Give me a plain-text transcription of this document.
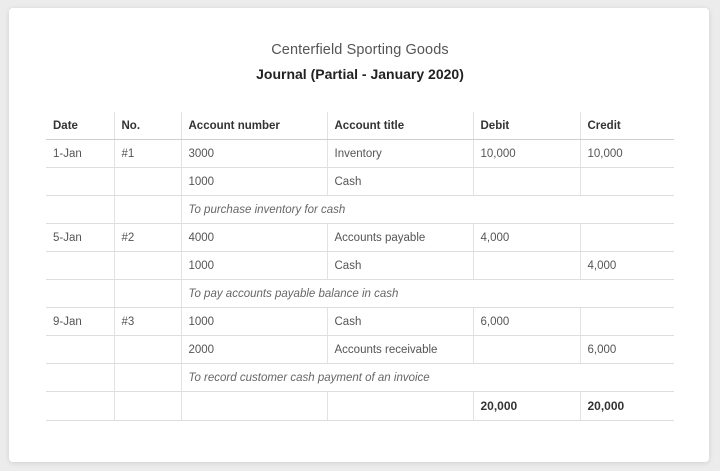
Centerfield Sporting Goods
Journal (Partial - January 2020)
Date	No.	Account number	Account title	Debit	Credit
1-Jan	#1	3000	Inventory	10,000	10,000
		1000	Cash		
		To purchase inventory for cash			
5-Jan	#2	4000	Accounts payable	4,000	
		1000	Cash		4,000
		To pay accounts payable balance in cash			
9-Jan	#3	1000	Cash	6,000	
		2000	Accounts receivable		6,000
		To record customer cash payment of an invoice			
				20,000	20,000
